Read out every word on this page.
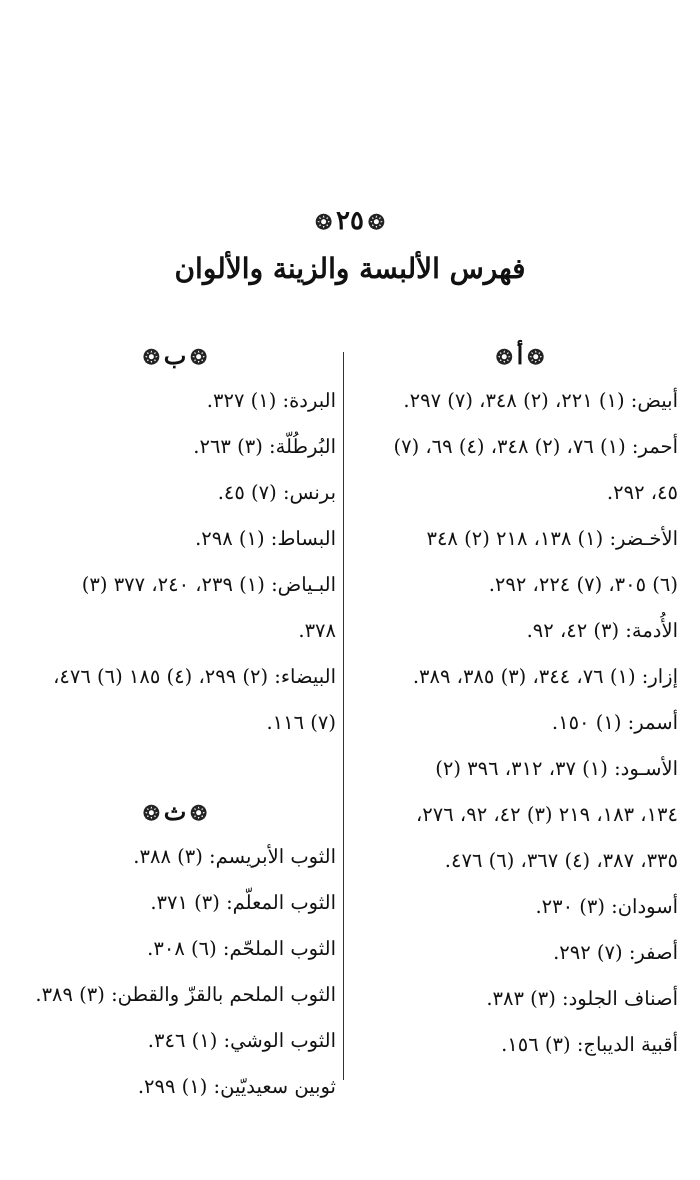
❂٢٥❂
فهرس الألبسة والزينة والألوان
❂أ❂
أبيض: (١) ٢٢١، (٢) ٣٤٨، (٧) ٢٩٧.
أحمر: (١) ٧٦، (٢) ٣٤٨، (٤) ٦٩، (٧)
٤٥، ٢٩٢.
الأخـضر: (١) ١٣٨، ٢١٨ (٢) ٣٤٨
(٦) ٣٠٥، (٧) ٢٢٤، ٢٩٢.
الأُدمة: (٣) ٤٢، ٩٢.
إزار: (١) ٧٦، ٣٤٤، (٣) ٣٨٥، ٣٨٩.
أسمر: (١) ١٥٠.
الأسـود: (١) ٣٧، ٣١٢، ٣٩٦ (٢)
١٣٤، ١٨٣، ٢١٩ (٣) ٤٢، ٩٢، ٢٧٦،
٣٣٥، ٣٨٧، (٤) ٣٦٧، (٦) ٤٧٦.
أسودان: (٣) ٢٣٠.
أصفر: (٧) ٢٩٢.
أصناف الجلود: (٣) ٣٨٣.
أقبية الديباج: (٣) ١٥٦.
❂ب❂
البردة: (١) ٣٢٧.
البُرطُلّة: (٣) ٢٦٣.
برنس: (٧) ٤٥.
البساط: (١) ٢٩٨.
البـياض: (١) ٢٣٩، ٢٤٠، ٣٧٧ (٣)
٣٧٨.
البيضاء: (٢) ٢٩٩، (٤) ١٨٥ (٦) ٤٧٦،
(٧) ١١٦.
❂ث❂
الثوب الأبريسم: (٣) ٣٨٨.
الثوب المعلّم: (٣) ٣٧١.
الثوب الملحّم: (٦) ٣٠٨.
الثوب الملحم بالقزّ والقطن: (٣) ٣٨٩.
الثوب الوشي: (١) ٣٤٦.
ثوبين سعيديّين: (١) ٢٩٩.
